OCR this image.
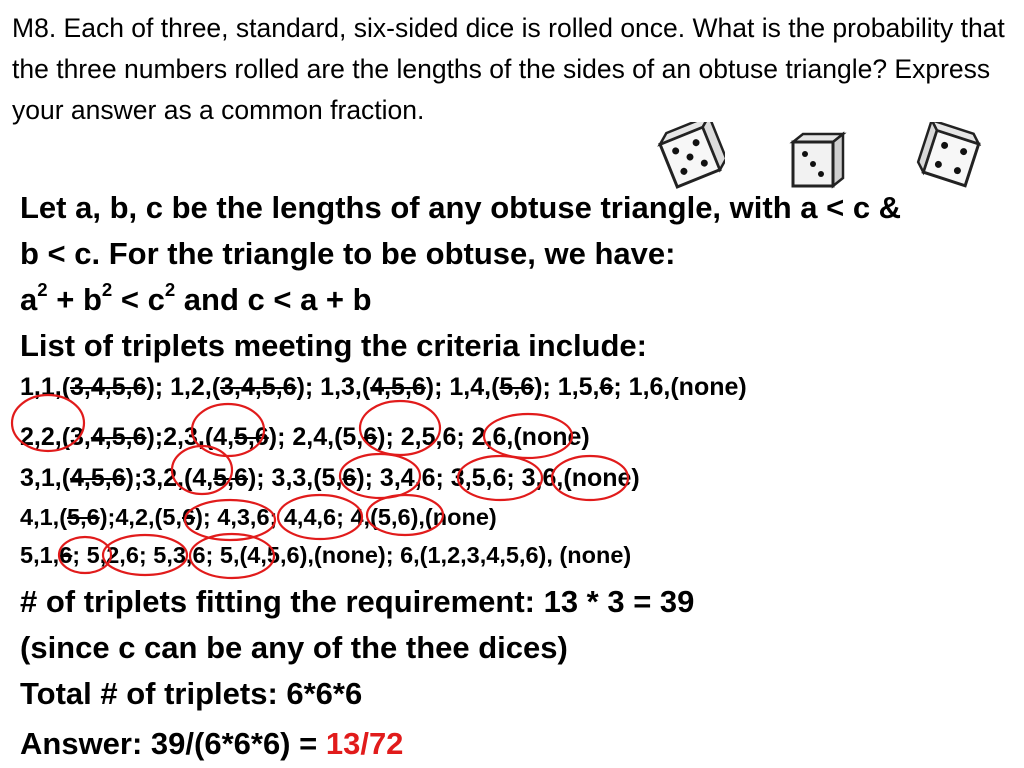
M8. Each of three, standard, six-sided dice is rolled once. What is the probability that the three numbers rolled are the lengths of the sides of an obtuse triangle? Express your answer as a common fraction.
Let a, b, c be the lengths of any obtuse triangle, with a < c &
b < c. For the triangle to be obtuse, we have:
$a^2 + b^2 < c^2$ and c < a + b
List of triplets meeting the criteria include:
1,1,(3,4,5,6); 1,2,(3,4,5,6); 1,3,(4,5,6); 1,4,(5,6); 1,5,6; 1,6,(none)
2,2,(3,4,5,6);2,3,(4,5,6); 2,4,(5,6); 2,5,6; 2,6,(none)
3,1,(4,5,6);3,2,(4,5,6); 3,3,(5,6); 3,4,6; 3,5,6; 3,6,(none)
4,1,(5,6);4,2,(5,6); 4,3,6; 4,4,6; 4,(5,6),(none)
5,1,6; 5,2,6; 5,3,6; 5,(4,5,6),(none); 6,(1,2,3,4,5,6), (none)
# of triplets fitting the requirement: 13 * 3 = 39
(since c can be any of the thee dices)
Total # of triplets: 6*6*6
Answer: 39/(6*6*6) = 13/72
